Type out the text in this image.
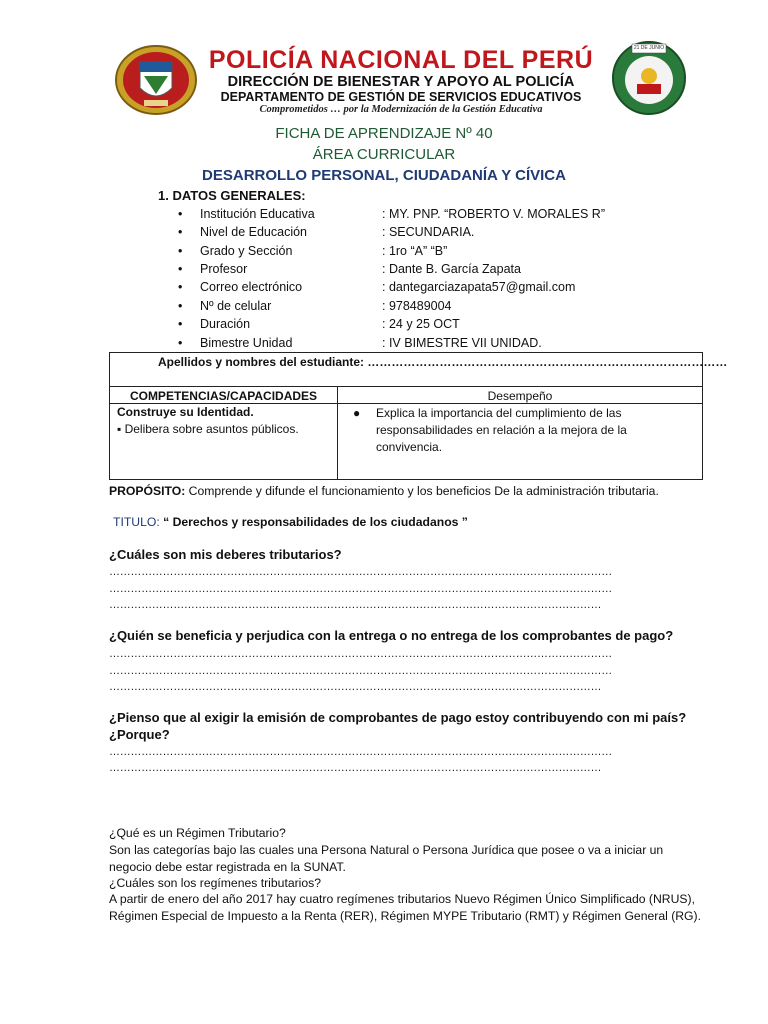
21 DE JUNIO
POLICÍA NACIONAL DEL PERÚ
DIRECCIÓN DE BIENESTAR Y APOYO AL POLICÍA
DEPARTAMENTO DE GESTIÓN DE SERVICIOS EDUCATIVOS
Comprometidos … por la Modernización de la Gestión Educativa
FICHA DE APRENDIZAJE Nº 40
ÁREA CURRICULAR
DESARROLLO PERSONAL, CIUDADANÍA Y CÍVICA
1. DATOS GENERALES:
• Institución Educativa	: MY. PNP. “ROBERTO V. MORALES R”
• Nivel de Educación	: SECUNDARIA.
• Grado y Sección	: 1ro “A” “B”
• Profesor	: Dante B. García Zapata
• Correo electrónico	: dantegarciazapata57@gmail.com
• Nº de celular	: 978489004
• Duración	: 24 y 25 OCT
• Bimestre Unidad	: IV BIMESTRE VII UNIDAD.
Apellidos y nombres del estudiante: ………………………………………………………………………………
COMPETENCIAS/CAPACIDADES	Desempeño
Construye su Identidad.
▪ Delibera sobre asuntos públicos.
● Explica la importancia del cumplimiento de las responsabilidades en relación a la mejora de la convivencia.
PROPÓSITO: Comprende y difunde el funcionamiento y los beneficios De la administración tributaria.
TITULO: “ Derechos y responsabilidades de los ciudadanos ”
¿Cuáles son mis deberes tributarios?
……………………………………………………………………………………………………………………………
……………………………………………………………………………………………………………………………
…………………………………………………………………………………………………………………………
¿Quién se beneficia y perjudica con la entrega o no entrega de los comprobantes de pago?
……………………………………………………………………………………………………………………………
……………………………………………………………………………………………………………………………
…………………………………………………………………………………………………………………………
¿Pienso que al exigir la emisión de comprobantes de pago estoy contribuyendo con mi país?
¿Porque?
……………………………………………………………………………………………………………………………
…………………………………………………………………………………………………………………………
¿Qué es un Régimen Tributario?
Son las categorías bajo las cuales una Persona Natural o Persona Jurídica que posee o va a iniciar un negocio debe estar registrada en la SUNAT.
¿Cuáles son los regímenes tributarios?
A partir de enero del año 2017 hay cuatro regímenes tributarios Nuevo Régimen Único Simplificado (NRUS), Régimen Especial de Impuesto a la Renta (RER), Régimen MYPE Tributario (RMT) y Régimen General (RG).
